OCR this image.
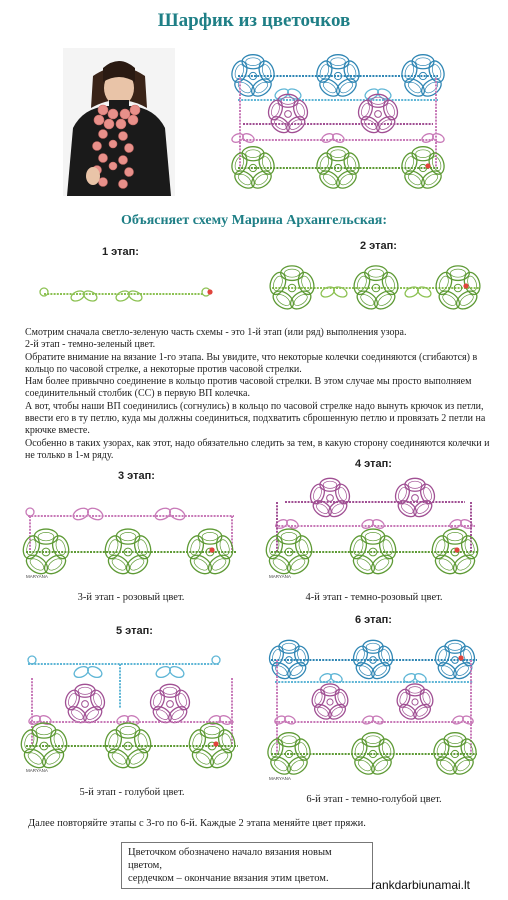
Шарфик из цветочков
Объясняет схему Марина Архангельская:
1 этап:	2 этап:

Смотрим сначала светло-зеленую часть схемы - это 1-й этап (или ряд) выполнения узора.

2-й этап - темно-зеленый цвет.

Обратите внимание на вязание 1-го этапа. Вы увидите, что некоторые колечки соединяются (сгибаются) в кольцо по часовой стрелке, а некоторые против часовой стрелки.

Нам более привычно соединение в кольцо против часовой стрелки. В этом случае мы просто выполняем соединительный столбик (СС) в первую ВП колечка.

А вот, чтобы наши ВП соединились (согнулись) в кольцо по часовой стрелке надо вынуть крючок из петли, ввести его в ту петлю, куда мы должны соединиться, подхватить сброшенную петлю и провязать 2 петли на крючке вместе.

Особенно в таких узорах, как этот, надо обязательно следить за тем, в какую сторону соединяются колечки и не только в 1-м ряду.

3 этап:
MARYANA
3-й этап - розовый цвет.
4 этап:
MARYANA
4-й этап - темно-розовый цвет.
5 этап:
MARYANA
5-й этап - голубой цвет.
6 этап:
MARYANA
6-й этап - темно-голубой цвет.
Далее повторяйте этапы с 3-го по 6-й. Каждые 2 этапа меняйте цвет пряжи.
Цветочком обозначено начало вязания новым цветом,
сердечком – окончание вязания этим цветом.	rankdarbiunamai.lt
